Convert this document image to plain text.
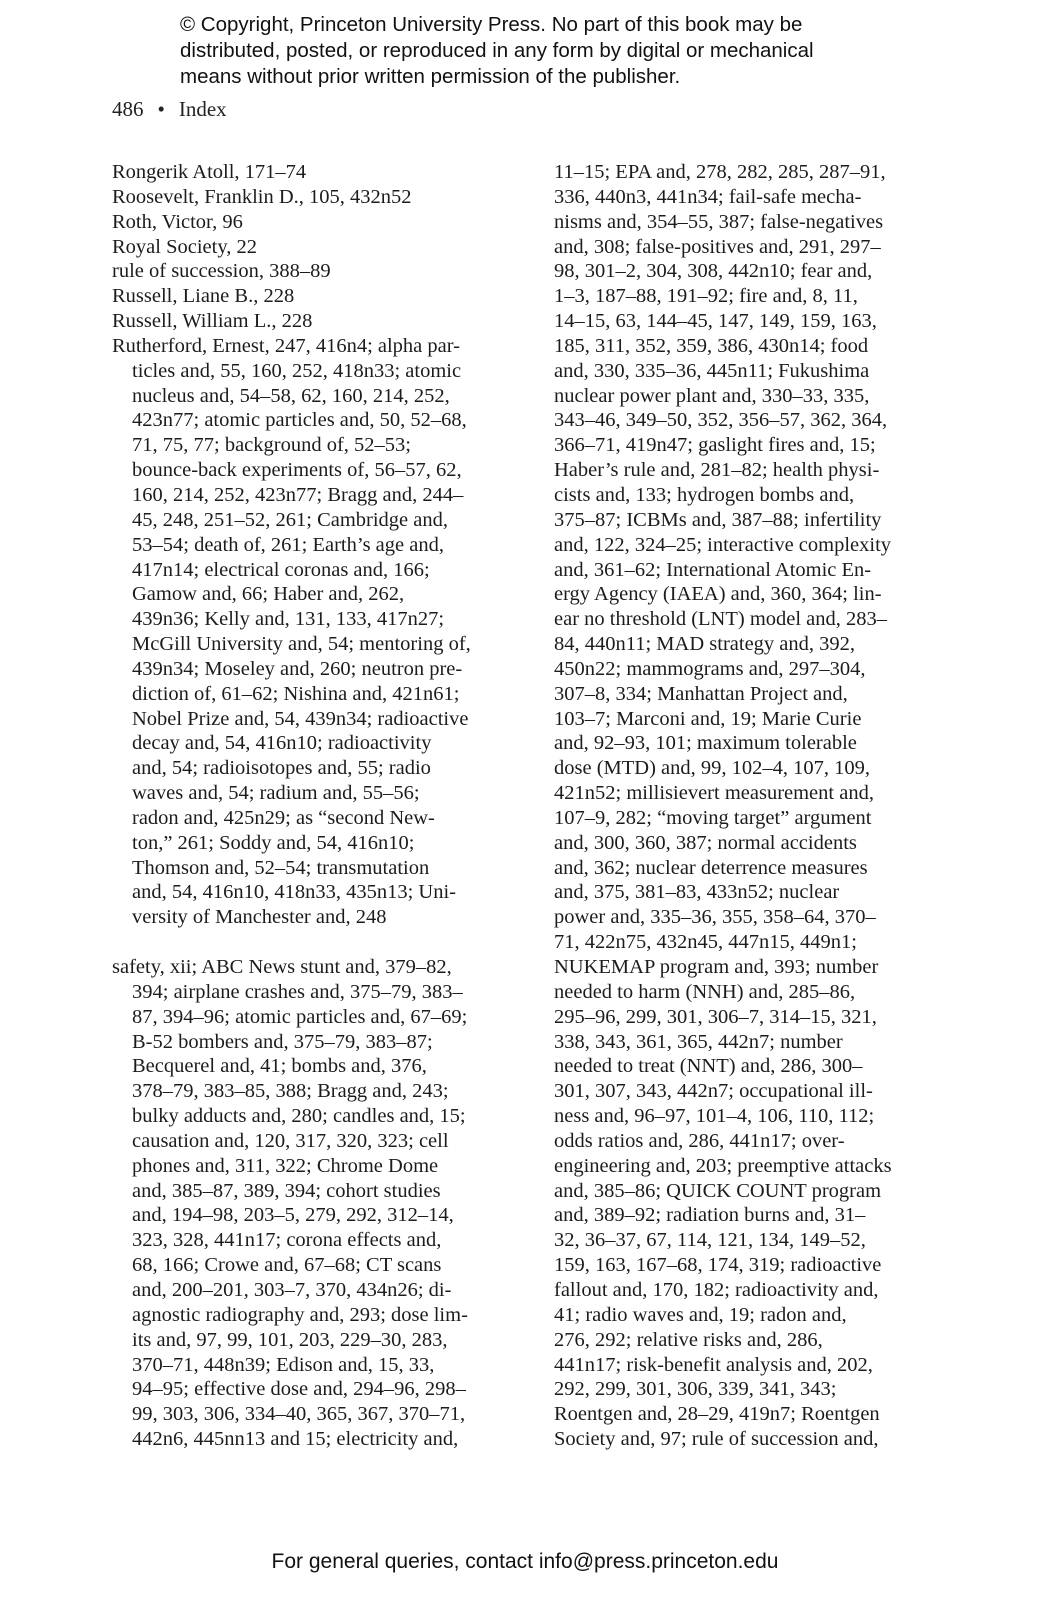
© Copyright, Princeton University Press. No part of this book may be
distributed, posted, or reproduced in any form by digital or mechanical
means without prior written permission of the publisher.
486 • Index
Rongerik Atoll, 171–74
Roosevelt, Franklin D., 105, 432n52
Roth, Victor, 96
Royal Society, 22
rule of succession, 388–89
Russell, Liane B., 228
Russell, William L., 228
Rutherford, Ernest, 247, 416n4; alpha par-
ticles and, 55, 160, 252, 418n33; atomic
nucleus and, 54–58, 62, 160, 214, 252,
423n77; atomic particles and, 50, 52–68,
71, 75, 77; background of, 52–53;
bounce-back experiments of, 56–57, 62,
160, 214, 252, 423n77; Bragg and, 244–
45, 248, 251–52, 261; Cambridge and,
53–54; death of, 261; Earth’s age and,
417n14; electrical coronas and, 166;
Gamow and, 66; Haber and, 262,
439n36; Kelly and, 131, 133, 417n27;
McGill University and, 54; mentoring of,
439n34; Moseley and, 260; neutron pre-
diction of, 61–62; Nishina and, 421n61;
Nobel Prize and, 54, 439n34; radioactive
decay and, 54, 416n10; radioactivity
and, 54; radioisotopes and, 55; radio
waves and, 54; radium and, 55–56;
radon and, 425n29; as “second New-
ton,” 261; Soddy and, 54, 416n10;
Thomson and, 52–54; transmutation
and, 54, 416n10, 418n33, 435n13; Uni-
versity of Manchester and, 248
safety, xii; ABC News stunt and, 379–82,
394; airplane crashes and, 375–79, 383–
87, 394–96; atomic particles and, 67–69;
B-52 bombers and, 375–79, 383–87;
Becquerel and, 41; bombs and, 376,
378–79, 383–85, 388; Bragg and, 243;
bulky adducts and, 280; candles and, 15;
causation and, 120, 317, 320, 323; cell
phones and, 311, 322; Chrome Dome
and, 385–87, 389, 394; cohort studies
and, 194–98, 203–5, 279, 292, 312–14,
323, 328, 441n17; corona effects and,
68, 166; Crowe and, 67–68; CT scans
and, 200–201, 303–7, 370, 434n26; di-
agnostic radiography and, 293; dose lim-
its and, 97, 99, 101, 203, 229–30, 283,
370–71, 448n39; Edison and, 15, 33,
94–95; effective dose and, 294–96, 298–
99, 303, 306, 334–40, 365, 367, 370–71,
442n6, 445nn13 and 15; electricity and,
11–15; EPA and, 278, 282, 285, 287–91,
336, 440n3, 441n34; fail-safe mecha-
nisms and, 354–55, 387; false-negatives
and, 308; false-positives and, 291, 297–
98, 301–2, 304, 308, 442n10; fear and,
1–3, 187–88, 191–92; fire and, 8, 11,
14–15, 63, 144–45, 147, 149, 159, 163,
185, 311, 352, 359, 386, 430n14; food
and, 330, 335–36, 445n11; Fukushima
nuclear power plant and, 330–33, 335,
343–46, 349–50, 352, 356–57, 362, 364,
366–71, 419n47; gaslight fires and, 15;
Haber’s rule and, 281–82; health physi-
cists and, 133; hydrogen bombs and,
375–87; ICBMs and, 387–88; infertility
and, 122, 324–25; interactive complexity
and, 361–62; International Atomic En-
ergy Agency (IAEA) and, 360, 364; lin-
ear no threshold (LNT) model and, 283–
84, 440n11; MAD strategy and, 392,
450n22; mammograms and, 297–304,
307–8, 334; Manhattan Project and,
103–7; Marconi and, 19; Marie Curie
and, 92–93, 101; maximum tolerable
dose (MTD) and, 99, 102–4, 107, 109,
421n52; millisievert measurement and,
107–9, 282; “moving target” argument
and, 300, 360, 387; normal accidents
and, 362; nuclear deterrence measures
and, 375, 381–83, 433n52; nuclear
power and, 335–36, 355, 358–64, 370–
71, 422n75, 432n45, 447n15, 449n1;
NUKEMAP program and, 393; number
needed to harm (NNH) and, 285–86,
295–96, 299, 301, 306–7, 314–15, 321,
338, 343, 361, 365, 442n7; number
needed to treat (NNT) and, 286, 300–
301, 307, 343, 442n7; occupational ill-
ness and, 96–97, 101–4, 106, 110, 112;
odds ratios and, 286, 441n17; over-
engineering and, 203; preemptive attacks
and, 385–86; QUICK COUNT program
and, 389–92; radiation burns and, 31–
32, 36–37, 67, 114, 121, 134, 149–52,
159, 163, 167–68, 174, 319; radioactive
fallout and, 170, 182; radioactivity and,
41; radio waves and, 19; radon and,
276, 292; relative risks and, 286,
441n17; risk-benefit analysis and, 202,
292, 299, 301, 306, 339, 341, 343;
Roentgen and, 28–29, 419n7; Roentgen
Society and, 97; rule of succession and,
For general queries, contact info@press.princeton.edu
